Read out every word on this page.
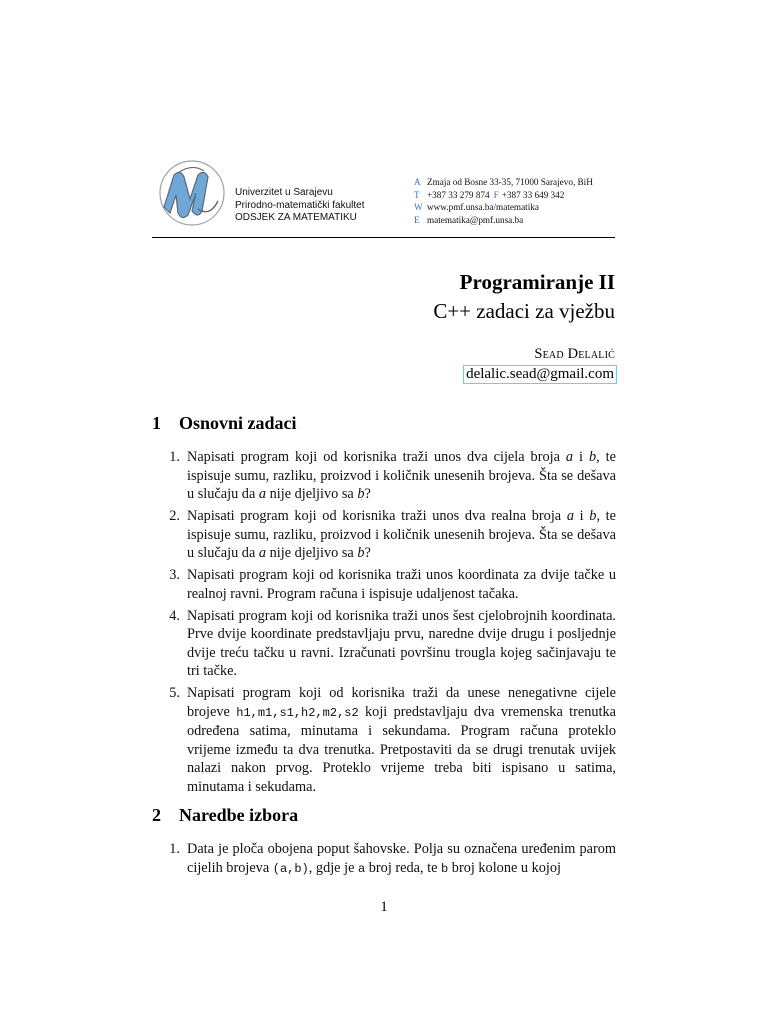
Univerzitet u Sarajevu
Prirodno-matematički fakultet
ODSJEK ZA MATEMATIKU
A Zmaja od Bosne 33-35, 71000 Sarajevo, BiH
T +387 33 279 874 F +387 33 649 342
W www.pmf.unsa.ba/matematika
E matematika@pmf.unsa.ba
Programiranje II
C++ zadaci za vježbu
Sead Delalić
delalic.sead@gmail.com
1 Osnovni zadaci
1. Napisati program koji od korisnika traži unos dva cijela broja a i b, te ispisuje sumu, razliku, proizvod i količnik unesenih brojeva. Šta se dešava u slučaju da a nije djeljivo sa b?
2. Napisati program koji od korisnika traži unos dva realna broja a i b, te ispisuje sumu, razliku, proizvod i količnik unesenih brojeva. Šta se dešava u slučaju da a nije djeljivo sa b?
3. Napisati program koji od korisnika traži unos koordinata za dvije tačke u realnoj ravni. Program računa i ispisuje udaljenost tačaka.
4. Napisati program koji od korisnika traži unos šest cjelobrojnih koordinata. Prve dvije koordinate predstavljaju prvu, naredne dvije drugu i posljednje dvije treću tačku u ravni. Izračunati površinu trougla kojeg sačinjavaju te tri tačke.
5. Napisati program koji od korisnika traži da unese nenegativne cijele brojeve h1,m1,s1,h2,m2,s2 koji predstavljaju dva vremenska trenutka određena satima, minutama i sekundama. Program računa proteklo vrijeme između ta dva trenutka. Pretpostaviti da se drugi trenutak uvijek nalazi nakon prvog. Proteklo vrijeme treba biti ispisano u satima, minutama i sekudama.
2 Naredbe izbora
1. Data je ploča obojena poput šahovske. Polja su označena uređenim parom cijelih brojeva (a,b), gdje je a broj reda, te b broj kolone u kojoj
1
